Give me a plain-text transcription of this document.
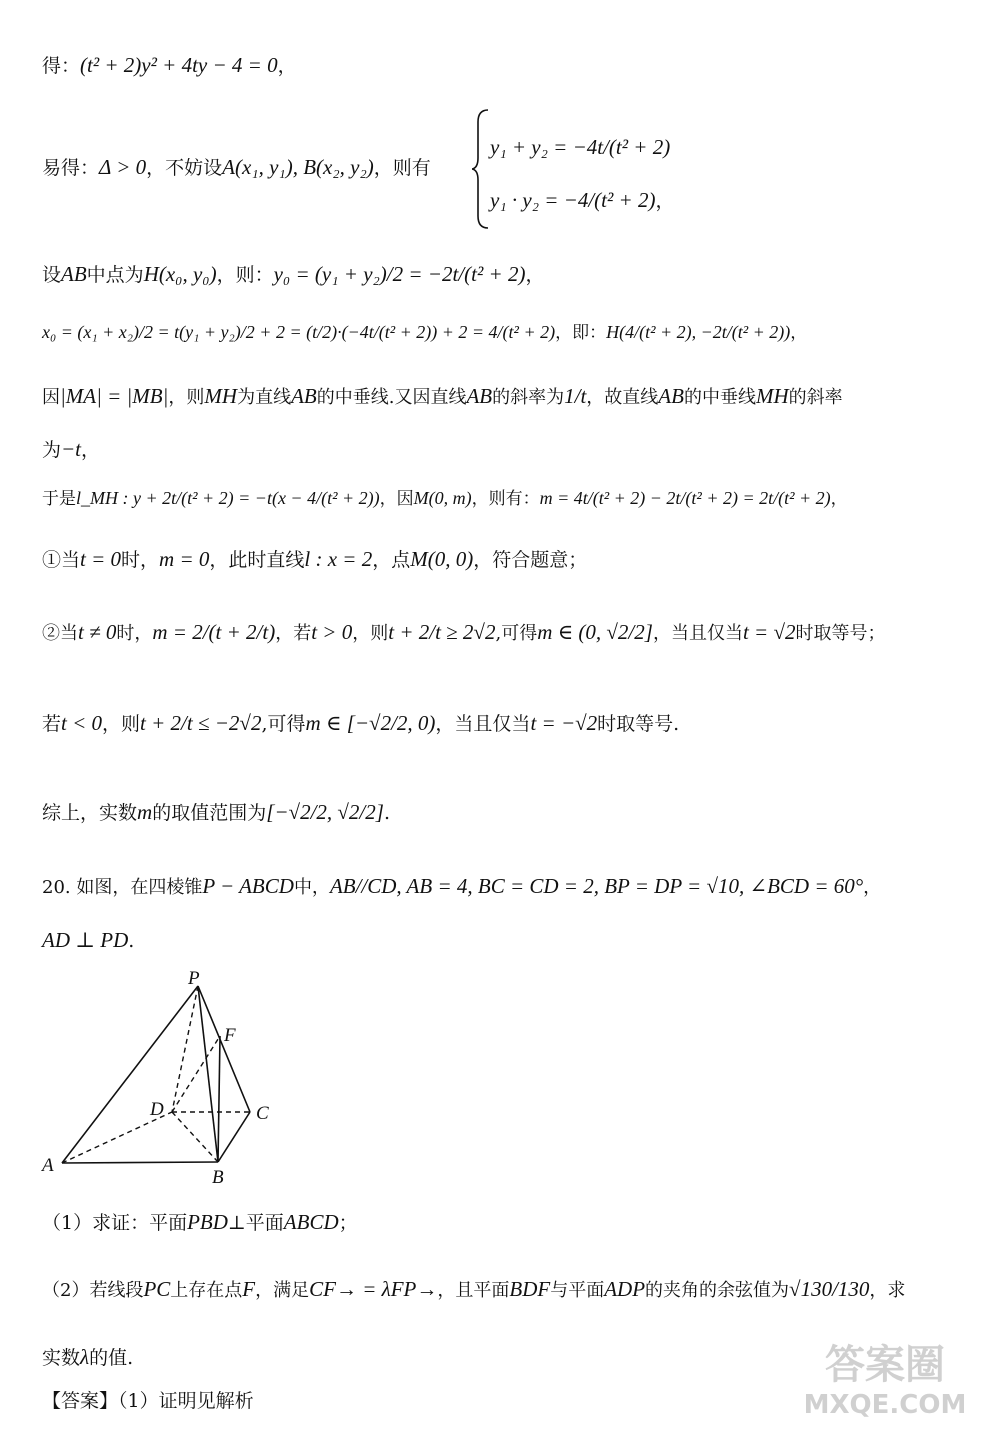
得：(t² + 2)y² + 4ty − 4 = 0，
易得：Δ > 0，不妨设A(x₁, y₁), B(x₂, y₂)，则有
y₁ + y₂ = −4t/(t² + 2)
y₁ · y₂ = −4/(t² + 2)，
设AB中点为H(x₀, y₀)，则：y₀ = (y₁ + y₂)/2 = −2t/(t² + 2)，
x₀ = (x₁ + x₂)/2 = t(y₁ + y₂)/2 + 2 = (t/2)·(−4t/(t² + 2)) + 2 = 4/(t² + 2)，即：H(4/(t² + 2), −2t/(t² + 2))，
因|MA| = |MB|，则MH为直线AB的中垂线.又因直线AB的斜率为1/t，故直线AB的中垂线MH的斜率
为−t，
于是l_MH : y + 2t/(t² + 2) = −t(x − 4/(t² + 2))，因M(0, m)，则有：m = 4t/(t² + 2) − 2t/(t² + 2) = 2t/(t² + 2)，
①当t = 0时，m = 0，此时直线l : x = 2，点M(0, 0)，符合题意；
②当t ≠ 0时，m = 2/(t + 2/t)，若t > 0，则t + 2/t ≥ 2√2,可得m ∈ (0, √2/2]，当且仅当t = √2时取等号；
若t < 0，则t + 2/t ≤ −2√2,可得m ∈ [−√2/2, 0)，当且仅当t = −√2时取等号.
综上，实数m的取值范围为[−√2/2, √2/2].
20. 如图，在四棱锥P − ABCD中，AB//CD, AB = 4, BC = CD = 2, BP = DP = √10, ∠BCD = 60°，
AD ⊥ PD.
P
F
D	C
A
B
（1）求证：平面PBD⊥平面ABCD；
（2）若线段PC上存在点F，满足CF→ = λFP→，且平面BDF与平面ADP的夹角的余弦值为√130/130，求
实数λ的值.
【答案】（1）证明见解析
答案圈
MXQE.COM
